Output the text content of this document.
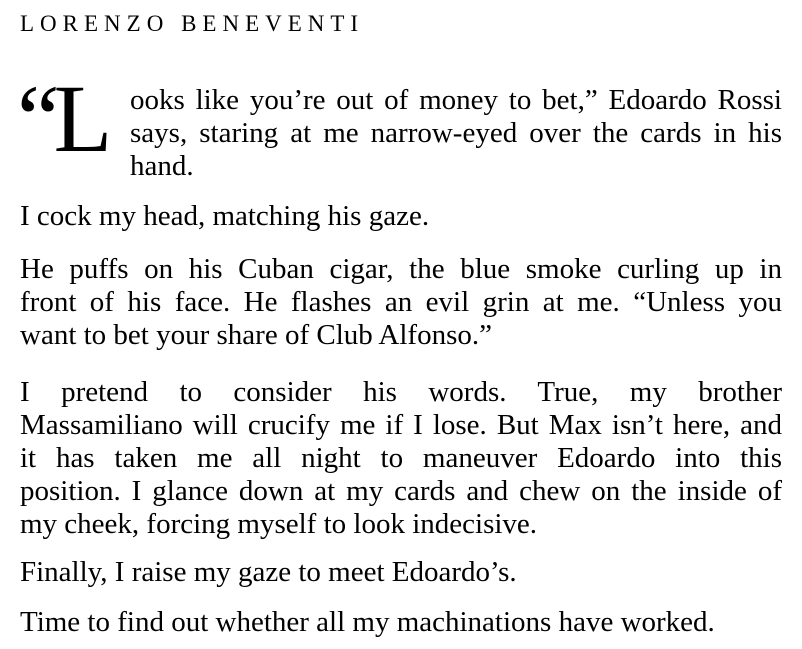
LORENZO BENEVENTI
“L ooks like you’re out of money to bet,” Edoardo Rossi
says, staring at me narrow-eyed over the cards in his
hand.
I cock my head, matching his gaze.
He puffs on his Cuban cigar, the blue smoke curling up in
front of his face. He flashes an evil grin at me. “Unless you
want to bet your share of Club Alfonso.”
I pretend to consider his words. True, my brother
Massamiliano will crucify me if I lose. But Max isn’t here, and
it has taken me all night to maneuver Edoardo into this
position. I glance down at my cards and chew on the inside of
my cheek, forcing myself to look indecisive.
Finally, I raise my gaze to meet Edoardo’s.
Time to find out whether all my machinations have worked.
